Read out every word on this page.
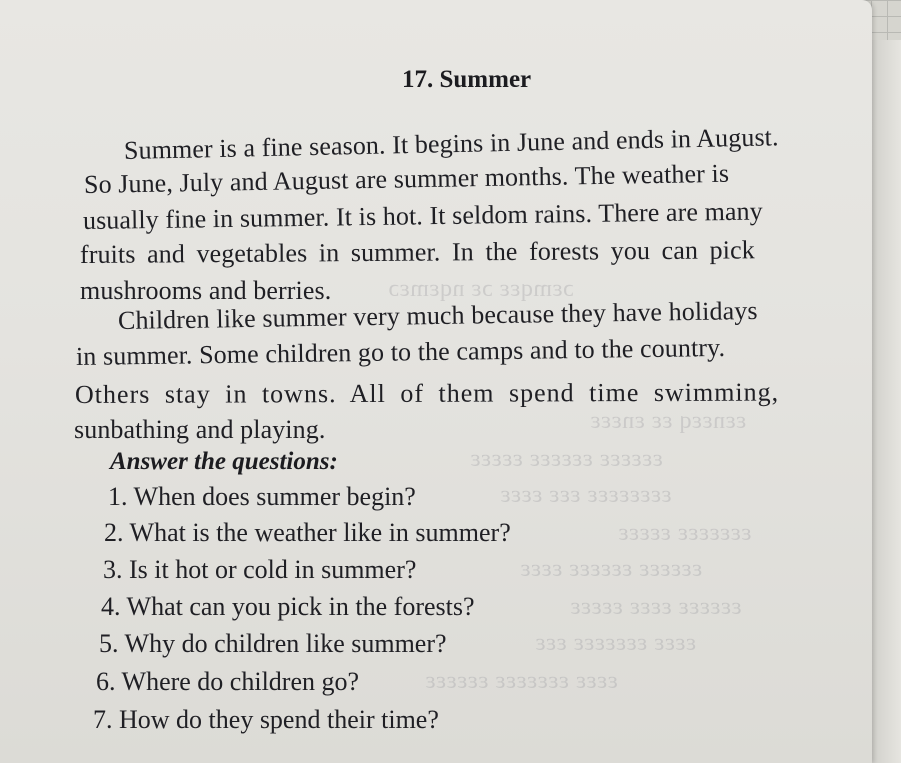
ɔɛmqɛɛ ɔɛ nqɛmɛɔ
ɛɛnɛɛq ɛɛ ɛnɛɛɛ
ɛɛɛɛɛɛ ɛɛɛɛɛɛ ɛɛɛɛɛ
ɛɛɛɛɛɛɛɛ ɛɛɛ ɛɛɛɛ
ɛɛɛɛɛɛɛ ɛɛɛɛɛ
ɛɛɛɛɛɛ ɛɛɛɛɛɛ ɛɛɛɛ
ɛɛɛɛɛɛ ɛɛɛɛ ɛɛɛɛɛ
ɛɛɛɛ ɛɛɛɛɛɛɛ ɛɛɛ
ɛɛɛɛ ɛɛɛɛɛɛɛ ɛɛɛɛɛɛ
17. Summer
Summer is a fine season. It begins in June and ends in August.
So June, July and August are summer months. The weather is
usually fine in summer. It is hot. It seldom rains. There are many
fruits and vegetables in summer. In the forests you can pick
mushrooms and berries.
Children like summer very much because they have holidays
in summer. Some children go to the camps and to the country.
Others stay in towns. All of them spend time swimming,
sunbathing and playing.
Answer the questions:
1. When does summer begin?
2. What is the weather like in summer?
3. Is it hot or cold in summer?
4. What can you pick in the forests?
5. Why do children like summer?
6. Where do children go?
7. How do they spend their time?
